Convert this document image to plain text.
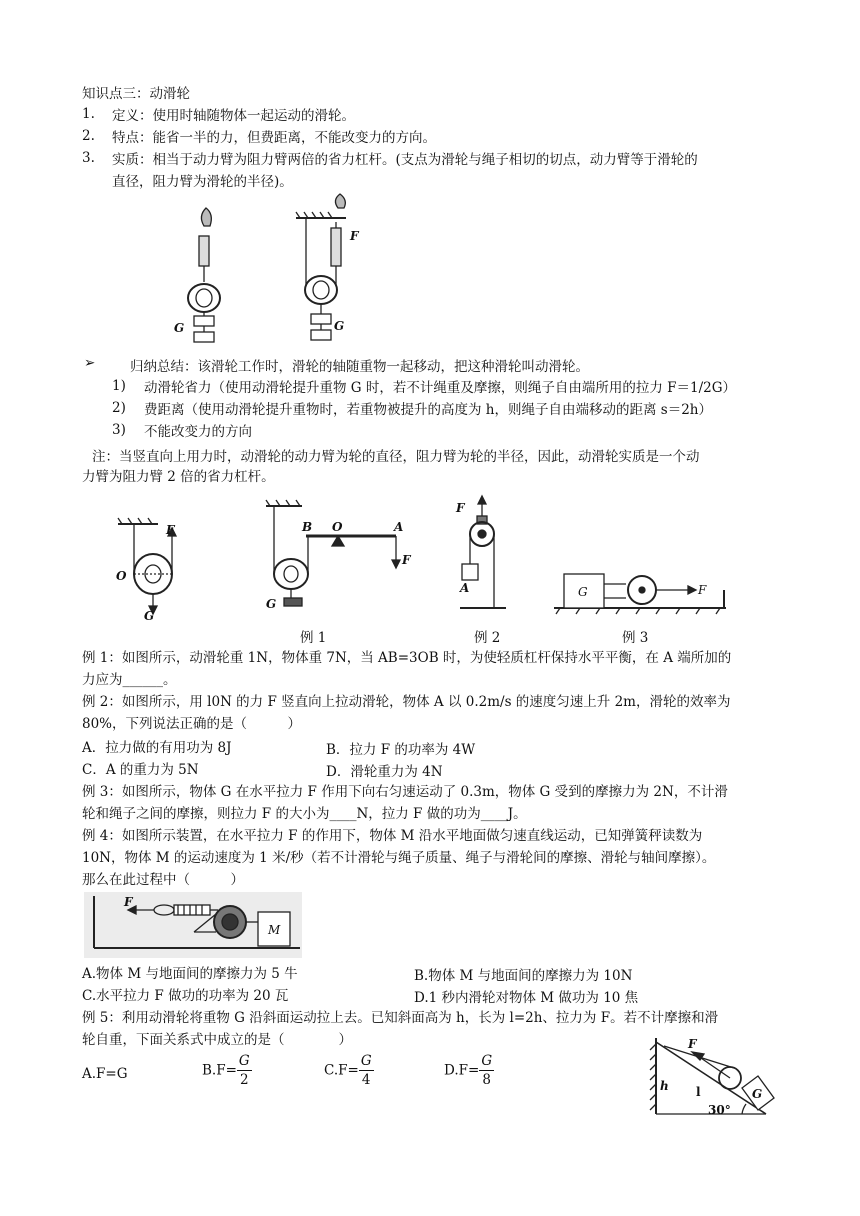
知识点三：动滑轮
1.	定义：使用时轴随物体一起运动的滑轮。
2.	特点：能省一半的力，但费距离，不能改变力的方向。
3.	实质：相当于动力臂为阻力臂两倍的省力杠杆。(支点为滑轮与绳子相切的切点，动力臂等于滑轮的
直径，阻力臂为滑轮的半径)。
G
F
G
➢	归纳总结：该滑轮工作时，滑轮的轴随重物一起移动，把这种滑轮叫动滑轮。
1) 动滑轮省力（使用动滑轮提升重物 G 时，若不计绳重及摩擦，则绳子自由端所用的拉力 F＝1/2G）
2) 费距离（使用动滑轮提升重物时，若重物被提升的高度为 h，则绳子自由端移动的距离 s＝2h）
3) 不能改变力的方向
注：当竖直向上用力时，动滑轮的动力臂为轮的直径，阻力臂为轮的半径，因此，动滑轮实质是一个动
力臂为阻力臂 2 倍的省力杠杆。
O
F
G
B O	A
F
G
F
A	G	F
例 1	例 2	例 3
例 1：如图所示，动滑轮重 1N，物体重 7N，当 AB=3OB 时，为使轻质杠杆保持水平平衡，在 A 端所加的
力应为______。
例 2：如图所示，用 l0N 的力 F 竖直向上拉动滑轮，物体 A 以 0.2m/s 的速度匀速上升 2m，滑轮的效率为
80%，下列说法正确的是（　　　）
A．拉力做的有用功为 8J	B．拉力 F 的功率为 4W
C．A 的重力为 5N	D．滑轮重力为 4N
例 3：如图所示，物体 G 在水平拉力 F 作用下向右匀速运动了 0.3m，物体 G 受到的摩擦力为 2N，不计滑
轮和绳子之间的摩擦，则拉力 F 的大小为____N，拉力 F 做的功为____J。
例 4：如图所示装置，在水平拉力 F 的作用下，物体 M 沿水平地面做匀速直线运动，已知弹簧秤读数为
10N，物体 M 的运动速度为 1 米/秒（若不计滑轮与绳子质量、绳子与滑轮间的摩擦、滑轮与轴间摩擦）。
那么在此过程中（　　　）
F
M
A.物体 M 与地面间的摩擦力为 5 牛	B.物体 M 与地面间的摩擦力为 10N
C.水平拉力 F 做功的功率为 20 瓦	D.1 秒内滑轮对物体 M 做功为 10 焦
例 5：利用动滑轮将重物 G 沿斜面运动拉上去。已知斜面高为 h，长为 l=2h、拉力为 F。若不计摩擦和滑
轮自重，下面关系式中成立的是（　　　　）
A.F=G	$B.F= \frac{G}{2}$	$C.F= \frac{G}{4}$	$D.F= \frac{G}{8}$
F
h l
30°
G
